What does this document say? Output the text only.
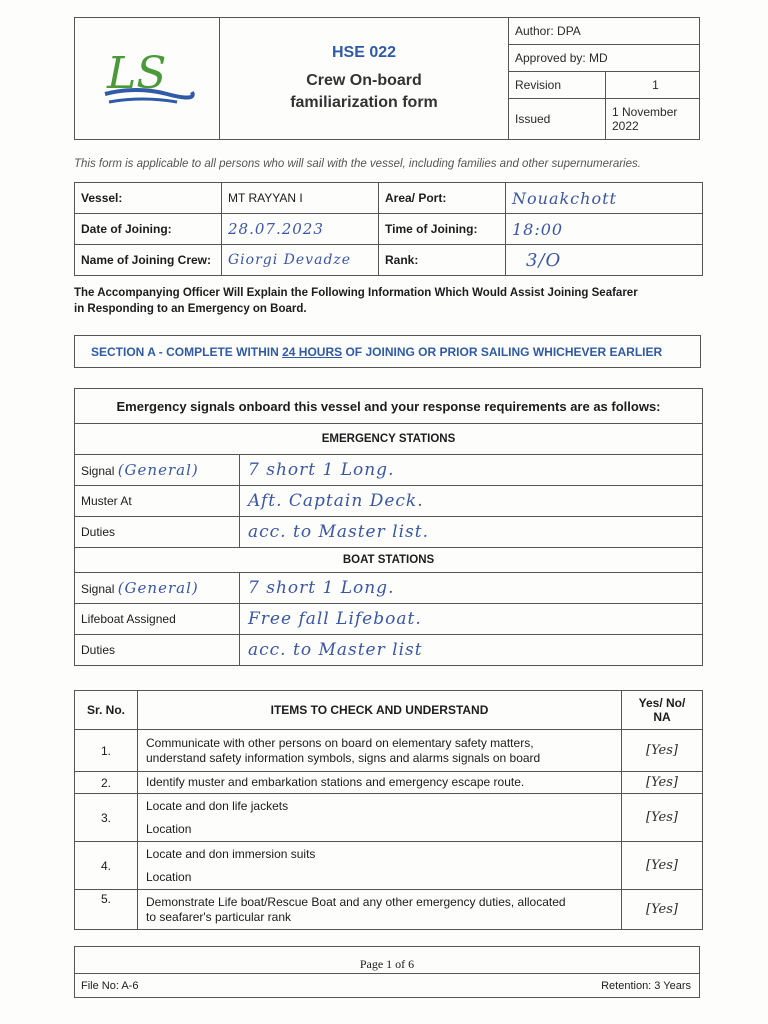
LS	HSE 022
Crew On-board
familiarization form	Author: DPA	
		Approved by: MD	
		Revision	1
		Issued	1 November
2022
This form is applicable to all persons who will sail with the vessel, including families and other supernumeraries.
Vessel:	MT RAYYAN I	Area/ Port:	Nouakchott
Date of Joining:	28.07.2023	Time of Joining:	18:00
Name of Joining Crew:	Giorgi Devadze	Rank:	3/O
The Accompanying Officer Will Explain the Following Information Which Would Assist Joining Seafarer
in Responding to an Emergency on Board.
SECTION A - COMPLETE WITHIN 24 HOURS OF JOINING OR PRIOR SAILING WHICHEVER EARLIER
Emergency signals onboard this vessel and your response requirements are as follows:	
EMERGENCY STATIONS	
Signal (General)	7 short 1 Long.
Muster At	Aft. Captain Deck.
Duties	acc. to Master list.
BOAT STATIONS	
Signal (General)	7 short 1 Long.
Lifeboat Assigned	Free fall Lifeboat.
Duties	acc. to Master list
Sr. No.	ITEMS TO CHECK AND UNDERSTAND	Yes/ No/
NA

1.	Communicate with other persons on board on elementary safety matters,
understand safety information symbols, signs and alarms signals on board	[Yes]
2.	Identify muster and embarkation stations and emergency escape route.	[Yes]
3.	Locate and don life jackets
Location	[Yes]
4.	Locate and don immersion suits
Location	[Yes]
5.	Demonstrate Life boat/Rescue Boat and any other emergency duties, allocated
to seafarer's particular rank	[Yes]
Page 1 of 6
File No: A-6	Retention: 3 Years
